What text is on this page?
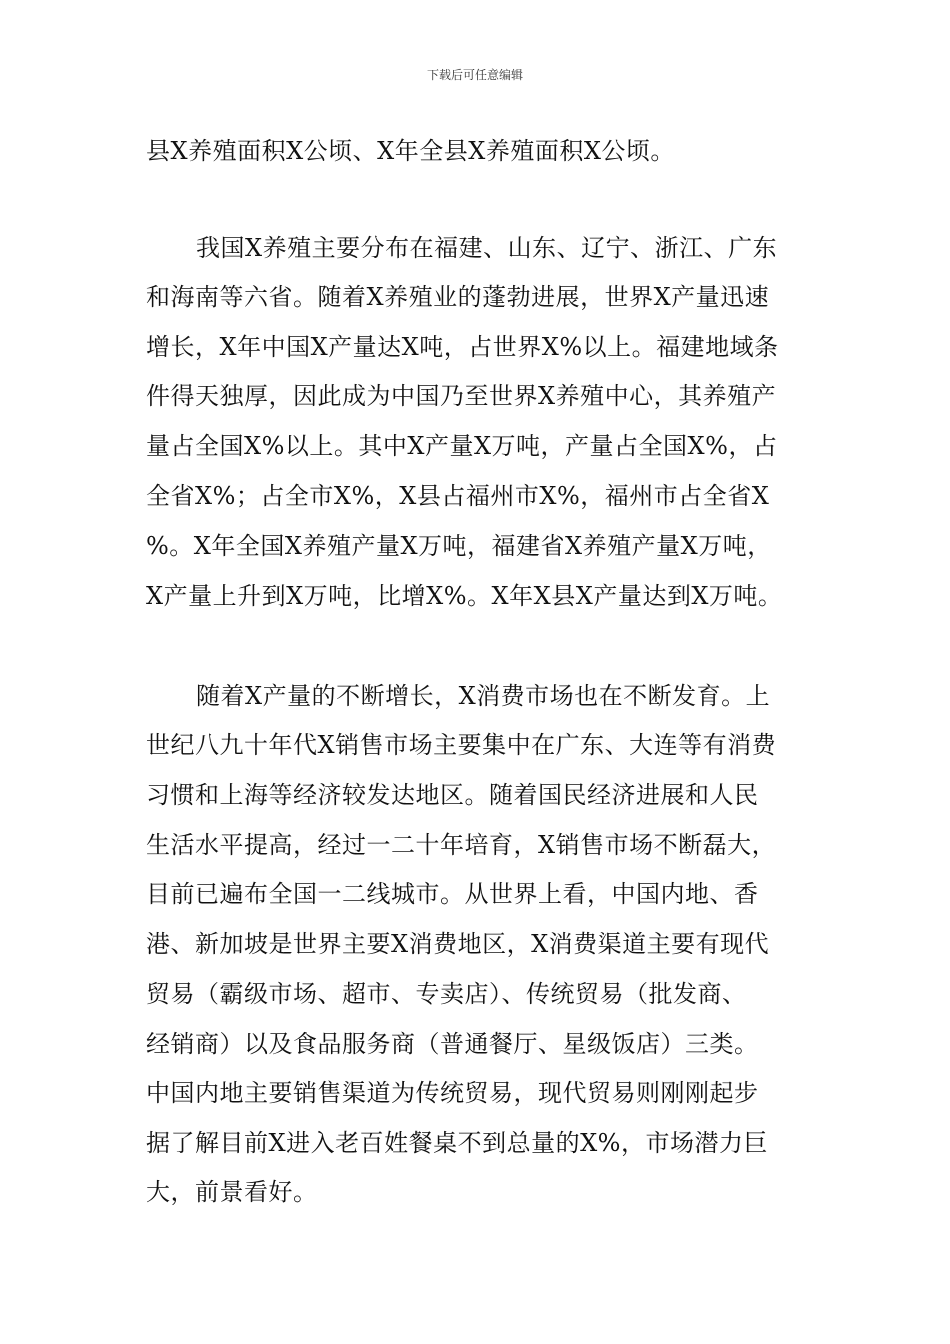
下载后可任意编辑
县X养殖面积X公顷、X年全县X养殖面积X公顷。
我国X养殖主要分布在福建、山东、辽宁、浙江、广东
和海南等六省。随着X养殖业的蓬勃进展，世界X产量迅速
增长，X年中国X产量达X吨，占世界X%以上。福建地域条
件得天独厚，因此成为中国乃至世界X养殖中心，其养殖产
量占全国X%以上。其中X产量X万吨，产量占全国X%，占
全省X%；占全市X%，X县占福州市X%，福州市占全省X
%。X年全国X养殖产量X万吨，福建省X养殖产量X万吨，
X产量上升到X万吨，比增X%。X年X县X产量达到X万吨。
随着X产量的不断增长，X消费市场也在不断发育。上
世纪八九十年代X销售市场主要集中在广东、大连等有消费
习惯和上海等经济较发达地区。随着国民经济进展和人民
生活水平提高，经过一二十年培育，X销售市场不断磊大，
目前已遍布全国一二线城市。从世界上看，中国内地、香
港、新加坡是世界主要X消费地区，X消费渠道主要有现代
贸易（霸级市场、超市、专卖店）、传统贸易（批发商、
经销商）以及食品服务商（普通餐厅、星级饭店）三类。
中国内地主要销售渠道为传统贸易，现代贸易则刚刚起步
据了解目前X进入老百姓餐桌不到总量的X%，市场潜力巨
大，前景看好。
